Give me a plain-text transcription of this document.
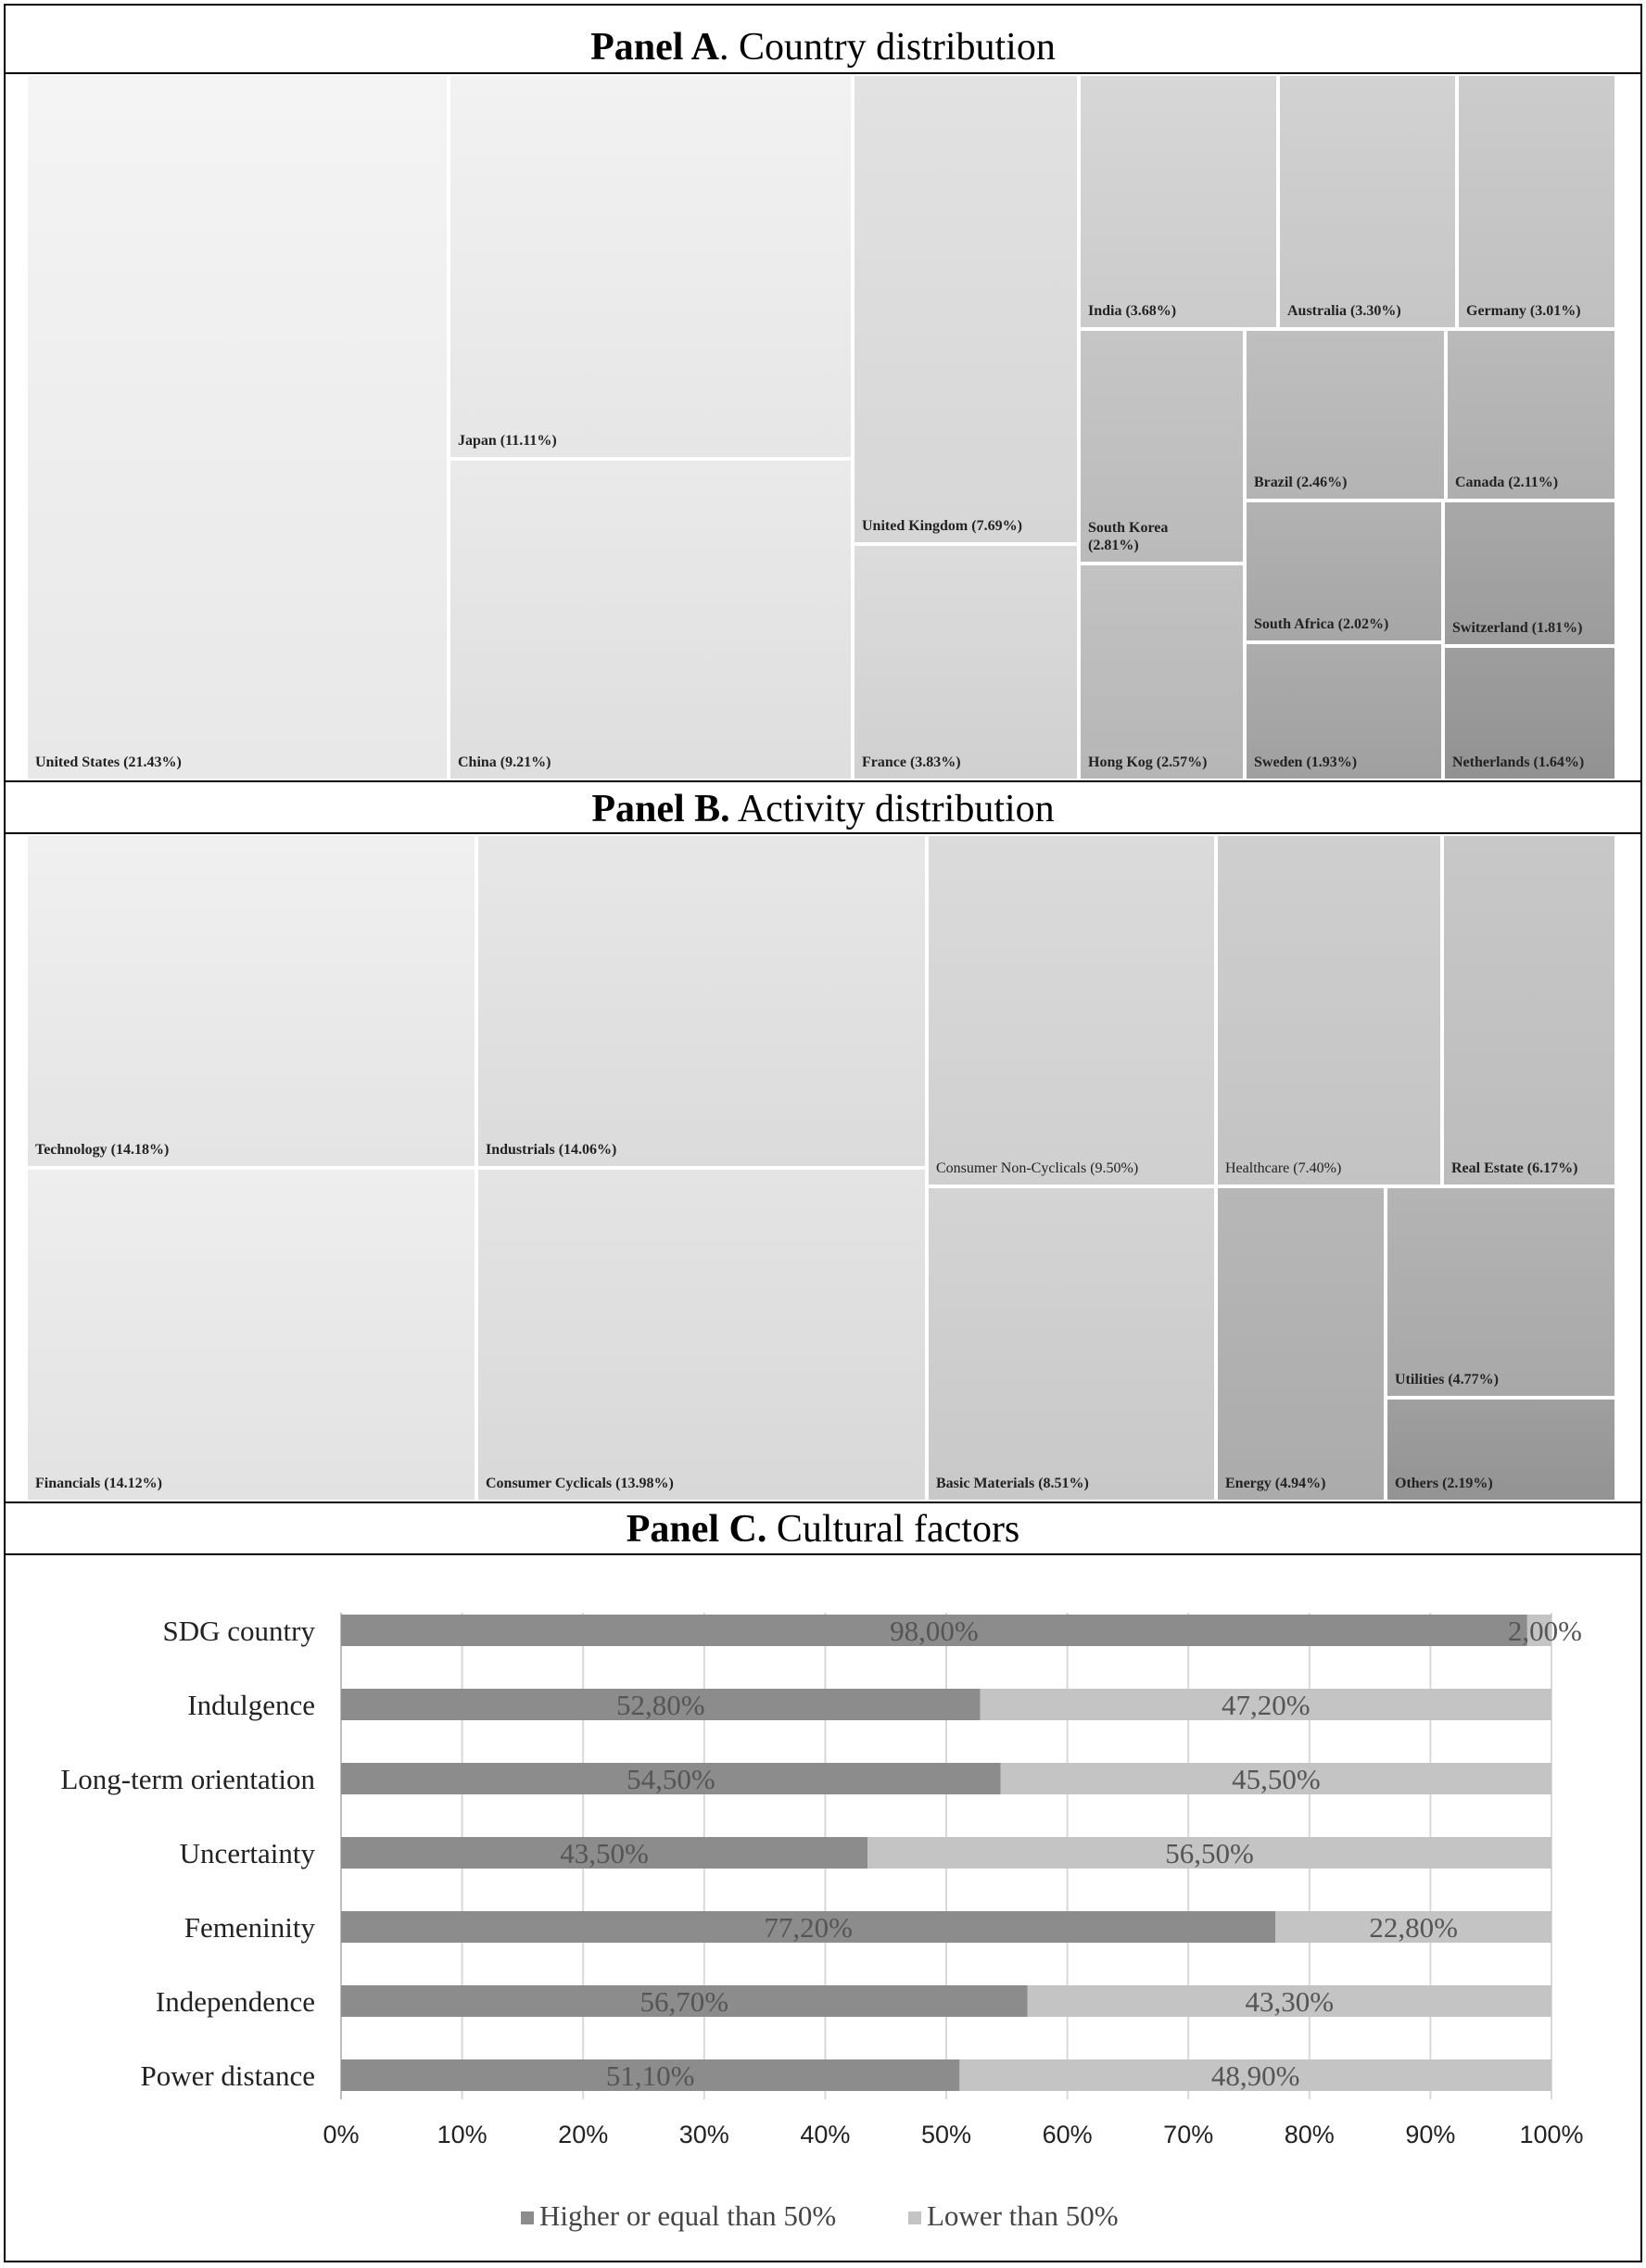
Panel A. Country distribution
United States (21.43%)
Japan (11.11%)
China (9.21%)
United Kingdom (7.69%)
France (3.83%)
India (3.68%)	Australia (3.30%)	Germany (3.01%)
South Korea
(2.81%)
Brazil (2.46%)	Canada (2.11%)
Hong Kog (2.57%)
South Africa (2.02%)	Switzerland (1.81%)
Sweden (1.93%)	Netherlands (1.64%)
Panel B. Activity distribution
Technology (14.18%)
Financials (14.12%)
Industrials (14.06%)
Consumer Cyclicals (13.98%)
Consumer Non-Cyclicals (9.50%)
Basic Materials (8.51%)
Healthcare (7.40%)	Real Estate (6.17%)
Energy (4.94%)
Utilities (4.77%)
Others (2.19%)
Panel C. Cultural factors
0%	10%	20%	30%	40%	50%	60%	70%	80%	90%	100%
SDG country	98,00%	2,00%
Indulgence	52,80%	47,20%
Long-term orientation	54,50%	45,50%
Uncertainty	43,50%	56,50%
Femeninity	77,20%	22,80%
Independence	56,70%	43,30%
Power distance	51,10%	48,90%
Higher or equal than 50%	Lower than 50%
